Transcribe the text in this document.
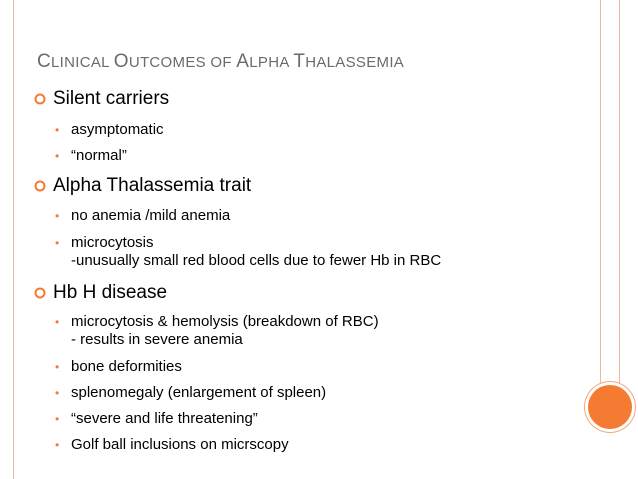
CLINICAL OUTCOMES OF ALPHA THALASSEMIA
Silent carriers
• asymptomatic
• “normal”
Alpha Thalassemia trait
• no anemia /mild anemia
• microcytosis
-unusually small red blood cells due to fewer Hb in RBC
Hb H disease
• microcytosis & hemolysis (breakdown of RBC)
- results in severe anemia
• bone deformities
• splenomegaly (enlargement of spleen)
• “severe and life threatening”
• Golf ball inclusions on micrscopy
